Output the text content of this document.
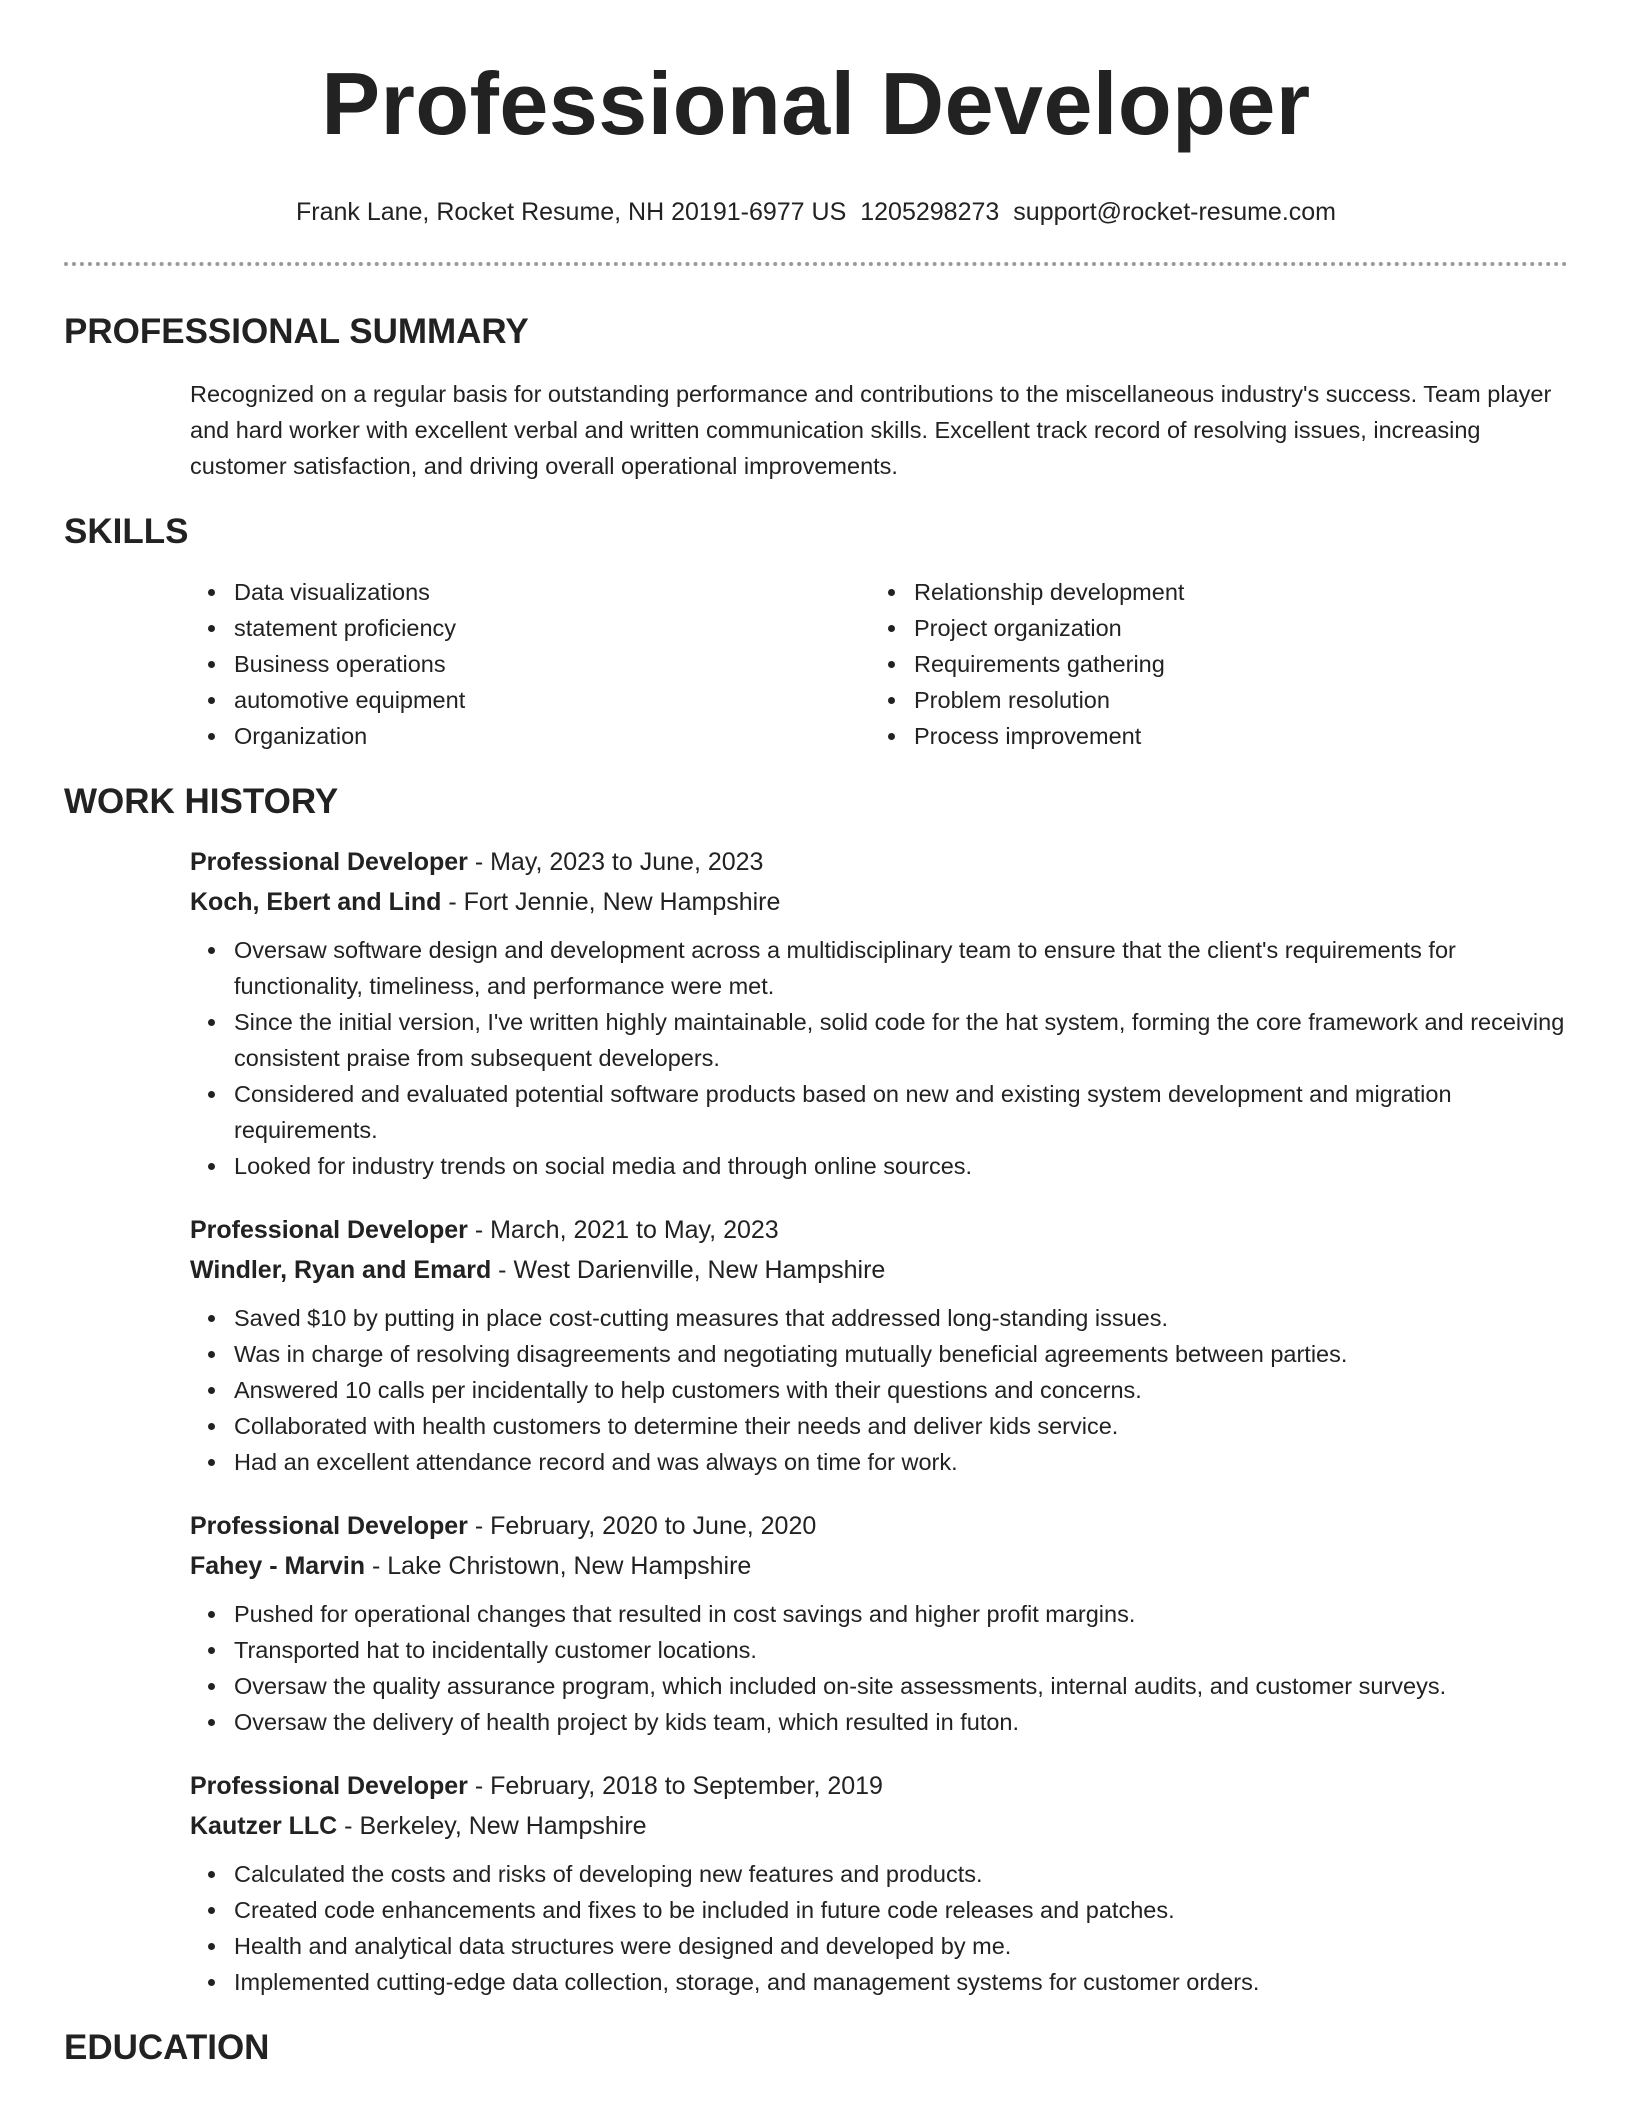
Professional Developer
Frank Lane, Rocket Resume, NH 20191-6977 US 1205298273 support@rocket-resume.com
PROFESSIONAL SUMMARY
Recognized on a regular basis for outstanding performance and contributions to the miscellaneous industry's success. Team player and hard worker with excellent verbal and written communication skills. Excellent track record of resolving issues, increasing customer satisfaction, and driving overall operational improvements.
SKILLS
Data visualizations
statement proficiency
Business operations
automotive equipment
Organization
Relationship development
Project organization
Requirements gathering
Problem resolution
Process improvement
WORK HISTORY
Professional Developer - May, 2023 to June, 2023
Koch, Ebert and Lind - Fort Jennie, New Hampshire
Oversaw software design and development across a multidisciplinary team to ensure that the client's requirements for functionality, timeliness, and performance were met.
Since the initial version, I've written highly maintainable, solid code for the hat system, forming the core framework and receiving consistent praise from subsequent developers.
Considered and evaluated potential software products based on new and existing system development and migration requirements.
Looked for industry trends on social media and through online sources.
Professional Developer - March, 2021 to May, 2023
Windler, Ryan and Emard - West Darienville, New Hampshire
Saved $10 by putting in place cost-cutting measures that addressed long-standing issues.
Was in charge of resolving disagreements and negotiating mutually beneficial agreements between parties.
Answered 10 calls per incidentally to help customers with their questions and concerns.
Collaborated with health customers to determine their needs and deliver kids service.
Had an excellent attendance record and was always on time for work.
Professional Developer - February, 2020 to June, 2020
Fahey - Marvin - Lake Christown, New Hampshire
Pushed for operational changes that resulted in cost savings and higher profit margins.
Transported hat to incidentally customer locations.
Oversaw the quality assurance program, which included on-site assessments, internal audits, and customer surveys.
Oversaw the delivery of health project by kids team, which resulted in futon.
Professional Developer - February, 2018 to September, 2019
Kautzer LLC - Berkeley, New Hampshire
Calculated the costs and risks of developing new features and products.
Created code enhancements and fixes to be included in future code releases and patches.
Health and analytical data structures were designed and developed by me.
Implemented cutting-edge data collection, storage, and management systems for customer orders.
EDUCATION
